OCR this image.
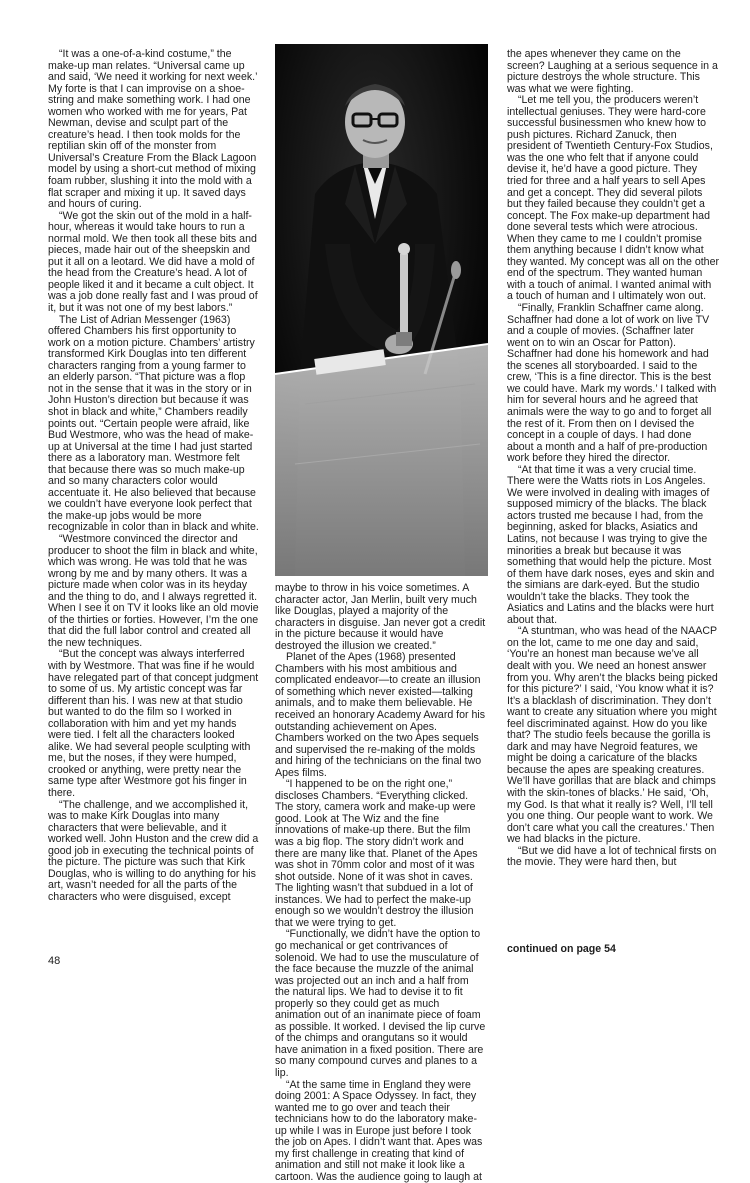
“It was a one-of-a-kind costume,” the make-up man relates. “Universal came up and said, ‘We need it working for next week.’ My forte is that I can improvise on a shoe-string and make something work. I had one women who worked with me for years, Pat Newman, devise and sculpt part of the creature’s head. I then took molds for the reptilian skin off of the monster from Universal’s Creature From the Black Lagoon model by using a short-cut method of mixing foam rubber, slushing it into the mold with a flat scraper and mixing it up. It saved days and hours of curing.

“We got the skin out of the mold in a half-hour, whereas it would take hours to run a normal mold. We then took all these bits and pieces, made hair out of the sheepskin and put it all on a leotard. We did have a mold of the head from the Creature’s head. A lot of people liked it and it became a cult object. It was a job done really fast and I was proud of it, but it was not one of my best labors.”

The List of Adrian Messenger (1963) offered Chambers his first opportunity to work on a motion picture. Chambers’ artistry transformed Kirk Douglas into ten different characters ranging from a young farmer to an elderly parson. “That picture was a flop not in the sense that it was in the story or in John Huston’s direction but because it was shot in black and white,” Chambers readily points out. “Certain people were afraid, like Bud Westmore, who was the head of make-up at Universal at the time I had just started there as a laboratory man. Westmore felt that because there was so much make-up and so many characters color would accentuate it. He also believed that because we couldn’t have everyone look perfect that the make-up jobs would be more recognizable in color than in black and white.

“Westmore convinced the director and producer to shoot the film in black and white, which was wrong. He was told that he was wrong by me and by many others. It was a picture made when color was in its heyday and the thing to do, and I always regretted it. When I see it on TV it looks like an old movie of the thirties or forties. However, I’m the one that did the full labor control and created all the new techniques.

“But the concept was always interferred with by Westmore. That was fine if he would have relegated part of that concept judgment to some of us. My artistic concept was far different than his. I was new at that studio but wanted to do the film so I worked in collaboration with him and yet my hands were tied. I felt all the characters looked alike. We had several people sculpting with me, but the noses, if they were humped, crooked or anything, were pretty near the same type after Westmore got his finger in there.

“The challenge, and we accomplished it, was to make Kirk Douglas into many characters that were believable, and it worked well. John Huston and the crew did a good job in executing the technical points of the picture. The picture was such that Kirk Douglas, who is willing to do anything for his art, wasn’t needed for all the parts of the characters who were disguised, except

maybe to throw in his voice sometimes. A character actor, Jan Merlin, built very much like Douglas, played a majority of the characters in disguise. Jan never got a credit in the picture because it would have destroyed the illusion we created.”

Planet of the Apes (1968) presented Chambers with his most ambitious and complicated endeavor—to create an illusion of something which never existed—talking animals, and to make them believable. He received an honorary Academy Award for his outstanding achievement on Apes. Chambers worked on the two Apes sequels and supervised the re-making of the molds and hiring of the technicians on the final two Apes films.

“I happened to be on the right one,” discloses Chambers. “Everything clicked. The story, camera work and make-up were good. Look at The Wiz and the fine innovations of make-up there. But the film was a big flop. The story didn’t work and there are many like that. Planet of the Apes was shot in 70mm color and most of it was shot outside. None of it was shot in caves. The lighting wasn’t that subdued in a lot of instances. We had to perfect the make-up enough so we wouldn’t destroy the illusion that we were trying to get.

“Functionally, we didn’t have the option to go mechanical or get contrivances of solenoid. We had to use the musculature of the face because the muzzle of the animal was projected out an inch and a half from the natural lips. We had to devise it to fit properly so they could get as much animation out of an inanimate piece of foam as possible. It worked. I devised the lip curve of the chimps and orangutans so it would have animation in a fixed position. There are so many compound curves and planes to a lip.

“At the same time in England they were doing 2001: A Space Odyssey. In fact, they wanted me to go over and teach their technicians how to do the laboratory make-up while I was in Europe just before I took the job on Apes. I didn’t want that. Apes was my first challenge in creating that kind of animation and still not make it look like a cartoon. Was the audience going to laugh at

the apes whenever they came on the screen? Laughing at a serious sequence in a picture destroys the whole structure. This was what we were fighting.

“Let me tell you, the producers weren’t intellectual geniuses. They were hard-core successful businessmen who knew how to push pictures. Richard Zanuck, then president of Twentieth Century-Fox Studios, was the one who felt that if anyone could devise it, he’d have a good picture. They tried for three and a half years to sell Apes and get a concept. They did several pilots but they failed because they couldn’t get a concept. The Fox make-up department had done several tests which were atrocious. When they came to me I couldn’t promise them anything because I didn’t know what they wanted. My concept was all on the other end of the spectrum. They wanted human with a touch of animal. I wanted animal with a touch of human and I ultimately won out.

“Finally, Franklin Schaffner came along. Schaffner had done a lot of work on live TV and a couple of movies. (Schaffner later went on to win an Oscar for Patton). Schaffner had done his homework and had the scenes all storyboarded. I said to the crew, ‘This is a fine director. This is the best we could have. Mark my words.’ I talked with him for several hours and he agreed that animals were the way to go and to forget all the rest of it. From then on I devised the concept in a couple of days. I had done about a month and a half of pre-production work before they hired the director.

“At that time it was a very crucial time. There were the Watts riots in Los Angeles. We were involved in dealing with images of supposed mimicry of the blacks. The black actors trusted me because I had, from the beginning, asked for blacks, Asiatics and Latins, not because I was trying to give the minorities a break but because it was something that would help the picture. Most of them have dark noses, eyes and skin and the simians are dark-eyed. But the studio wouldn’t take the blacks. They took the Asiatics and Latins and the blacks were hurt about that.

“A stuntman, who was head of the NAACP on the lot, came to me one day and said, ‘You’re an honest man because we’ve all dealt with you. We need an honest answer from you. Why aren’t the blacks being picked for this picture?’ I said, ‘You know what it is? It’s a blacklash of discrimination. They don’t want to create any situation where you might feel discriminated against. How do you like that? The studio feels because the gorilla is dark and may have Negroid features, we might be doing a caricature of the blacks because the apes are speaking creatures. We’ll have gorillas that are black and chimps with the skin-tones of blacks.’ He said, ‘Oh, my God. Is that what it really is? Well, I’ll tell you one thing. Our people want to work. We don’t care what you call the creatures.’ Then we had blacks in the picture.

“But we did have a lot of technical firsts on the movie. They were hard then, but

continued on page 54
48
